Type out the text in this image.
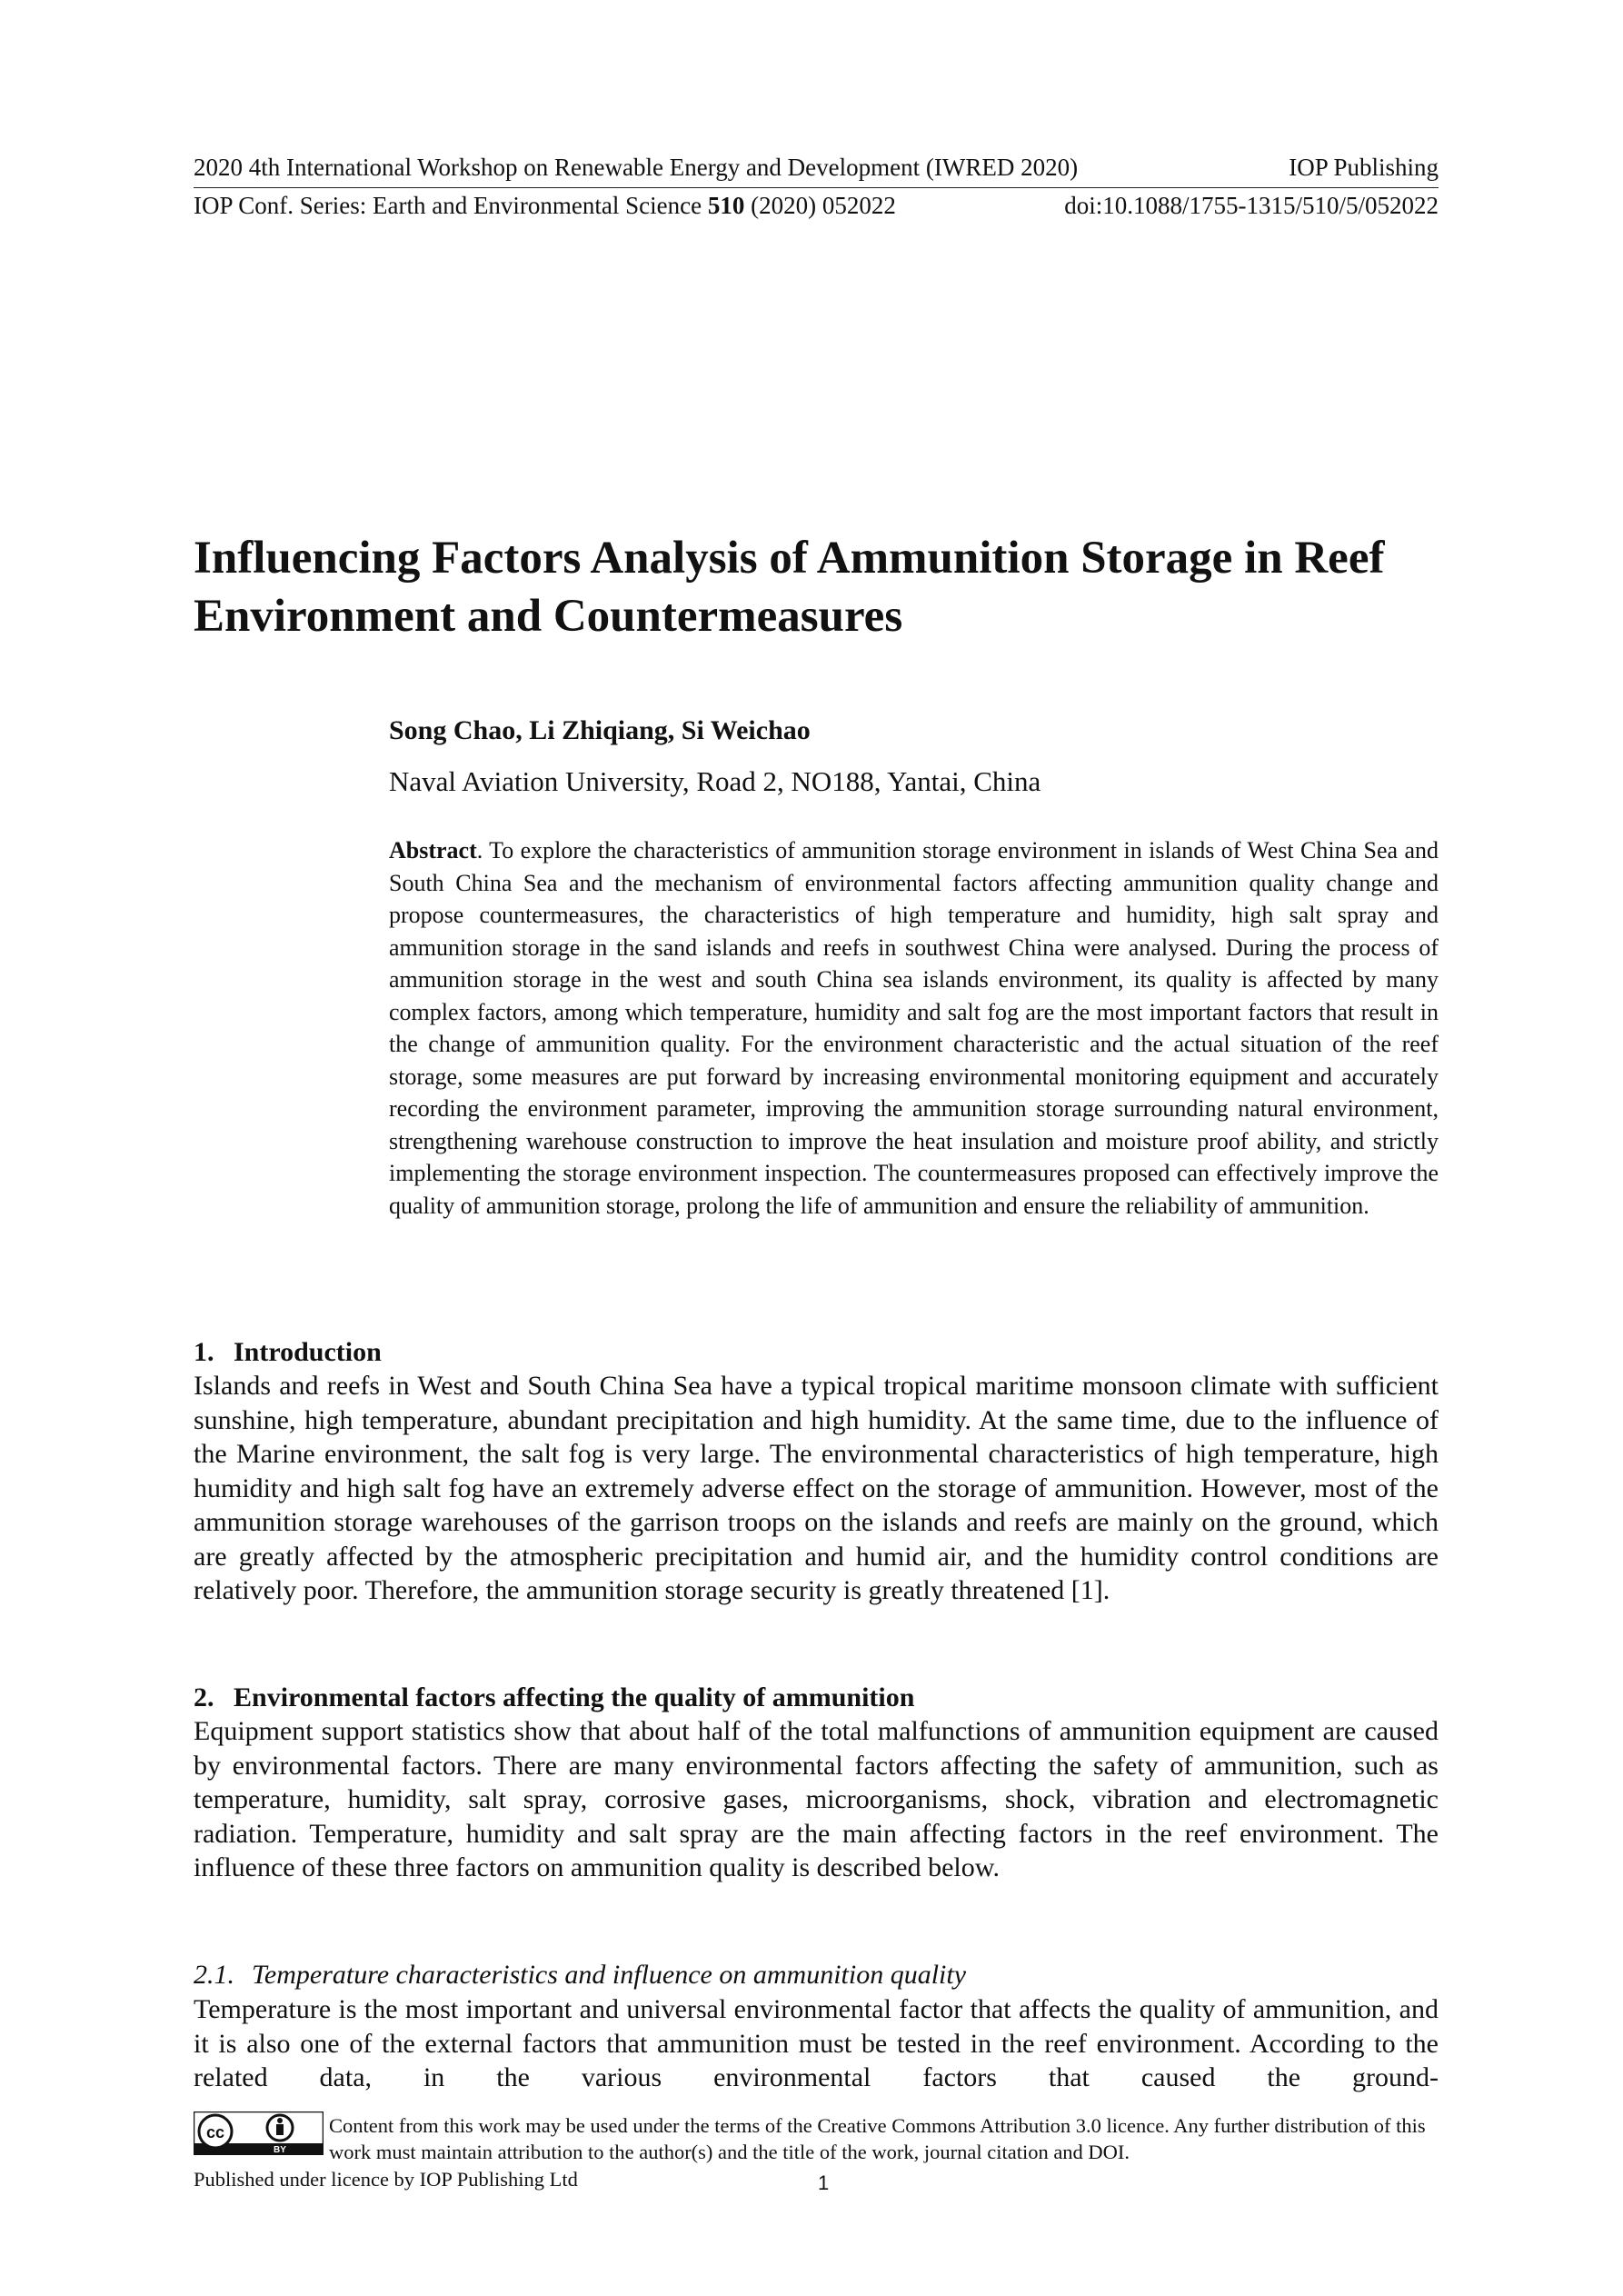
2020 4th International Workshop on Renewable Energy and Development (IWRED 2020)	IOP Publishing
IOP Conf. Series: Earth and Environmental Science 510 (2020) 052022	doi:10.1088/1755-1315/510/5/052022
Influencing Factors Analysis of Ammunition Storage in Reef Environment and Countermeasures
Song Chao, Li Zhiqiang, Si Weichao
Naval Aviation University, Road 2, NO188, Yantai, China

Abstract. To explore the characteristics of ammunition storage environment in islands of West China Sea and South China Sea and the mechanism of environmental factors affecting ammunition quality change and propose countermeasures, the characteristics of high temperature and humidity, high salt spray and ammunition storage in the sand islands and reefs in southwest China were analysed. During the process of ammunition storage in the west and south China sea islands environment, its quality is affected by many complex factors, among which temperature, humidity and salt fog are the most important factors that result in the change of ammunition quality. For the environment characteristic and the actual situation of the reef storage, some measures are put forward by increasing environmental monitoring equipment and accurately recording the environment parameter, improving the ammunition storage surrounding natural environment, strengthening warehouse construction to improve the heat insulation and moisture proof ability, and strictly implementing the storage environment inspection. The countermeasures proposed can effectively improve the quality of ammunition storage, prolong the life of ammunition and ensure the reliability of ammunition.

1. Introduction

Islands and reefs in West and South China Sea have a typical tropical maritime monsoon climate with sufficient sunshine, high temperature, abundant precipitation and high humidity. At the same time, due to the influence of the Marine environment, the salt fog is very large. The environmental characteristics of high temperature, high humidity and high salt fog have an extremely adverse effect on the storage of ammunition. However, most of the ammunition storage warehouses of the garrison troops on the islands and reefs are mainly on the ground, which are greatly affected by the atmospheric precipitation and humid air, and the humidity control conditions are relatively poor. Therefore, the ammunition storage security is greatly threatened [1].

2. Environmental factors affecting the quality of ammunition

Equipment support statistics show that about half of the total malfunctions of ammunition equipment are caused by environmental factors. There are many environmental factors affecting the safety of ammunition, such as temperature, humidity, salt spray, corrosive gases, microorganisms, shock, vibration and electromagnetic radiation. Temperature, humidity and salt spray are the main affecting factors in the reef environment. The influence of these three factors on ammunition quality is described below.

2.1. Temperature characteristics and influence on ammunition quality

Temperature is the most important and universal environmental factor that affects the quality of ammunition, and it is also one of the external factors that ammunition must be tested in the reef environment. According to the related data, in the various environmental factors that caused the ground-

cc
BY

Content from this work may be used under the terms of the Creative Commons Attribution 3.0 licence. Any further distribution of this work must maintain attribution to the author(s) and the title of the work, journal citation and DOI.

Published under licence by IOP Publishing Ltd	1
